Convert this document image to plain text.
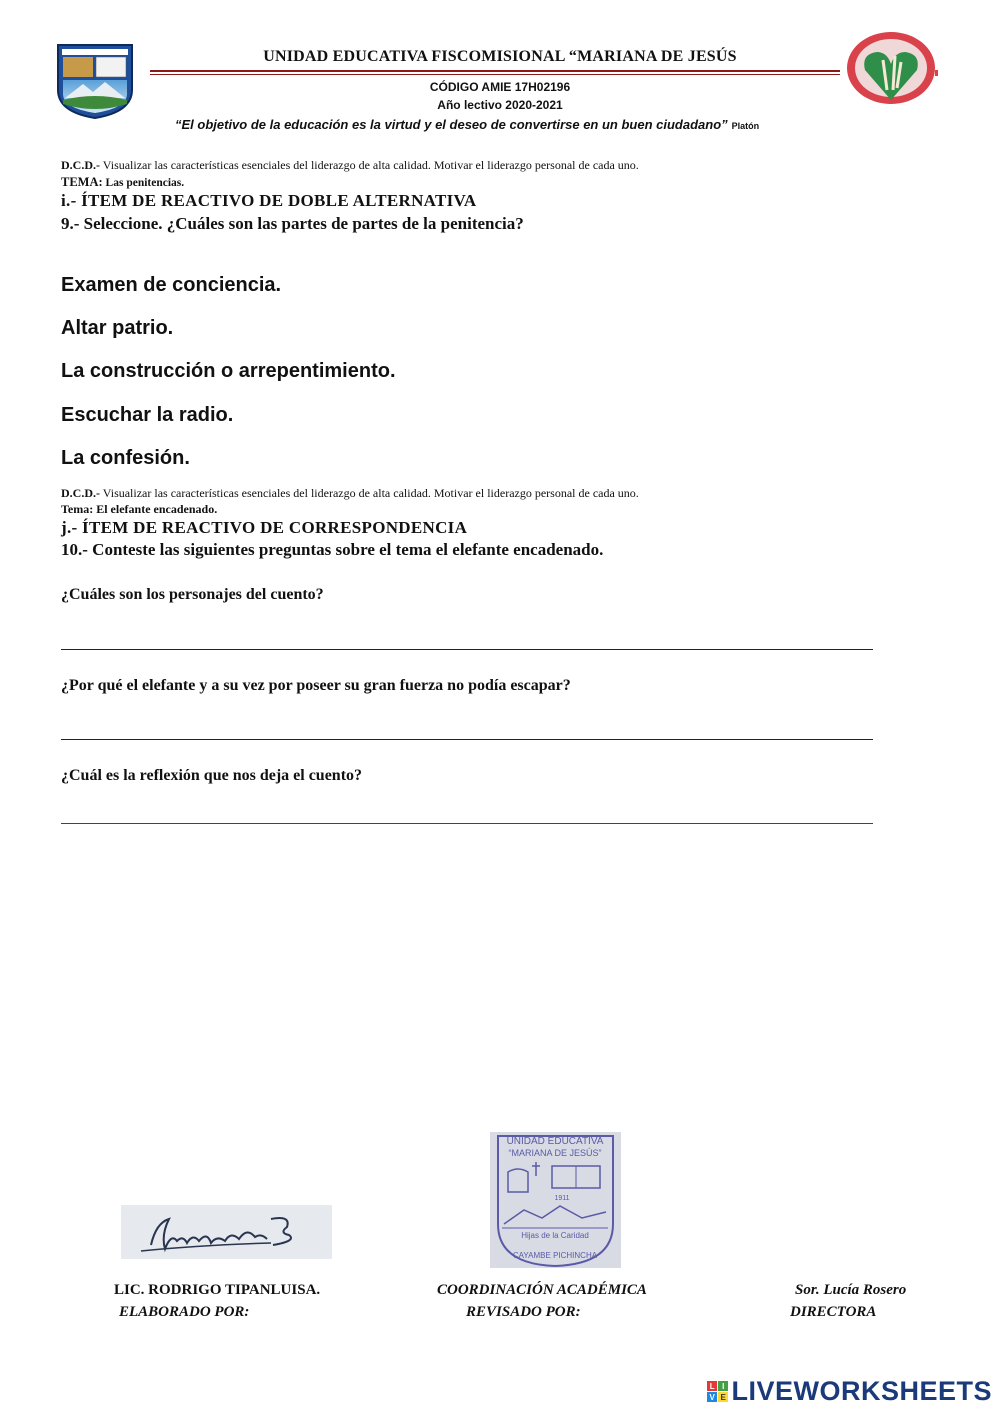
UNIDAD EDUCATIVA FISCOMISIONAL “MARIANA DE JESÚS
CÓDIGO AMIE 17H02196
Año lectivo 2020-2021
“El objetivo de la educación es la virtud y el deseo de convertirse en un buen ciudadano” Platón
D.C.D.- Visualizar las características esenciales del liderazgo de alta calidad. Motivar el liderazgo personal de cada uno.
TEMA: Las penitencias.
i.- ÍTEM DE REACTIVO DE DOBLE ALTERNATIVA
9.- Seleccione. ¿Cuáles son las partes de partes de la penitencia?
Examen de conciencia.
Altar patrio.
La construcción o arrepentimiento.
Escuchar la radio.
La confesión.
D.C.D.- Visualizar las características esenciales del liderazgo de alta calidad. Motivar el liderazgo personal de cada uno.
Tema: El elefante encadenado.
j.- ÍTEM DE REACTIVO DE CORRESPONDENCIA
10.- Conteste las siguientes preguntas sobre el tema el elefante encadenado.
¿Cuáles son los personajes del cuento?
¿Por qué el elefante y a su vez por poseer su gran fuerza no podía escapar?
¿Cuál es la reflexión que nos deja el cuento?
UNIDAD EDUCATIVA
“MARIANA DE JESÚS”
1911
Hijas de la Caridad
CAYAMBE PICHINCHA
LIC. RODRIGO TIPANLUISA.
ELABORADO POR:
COORDINACIÓN ACADÉMICA
REVISADO POR:
Sor. Lucía Rosero
DIRECTORA
L I
V E LIVEWORKSHEETS
